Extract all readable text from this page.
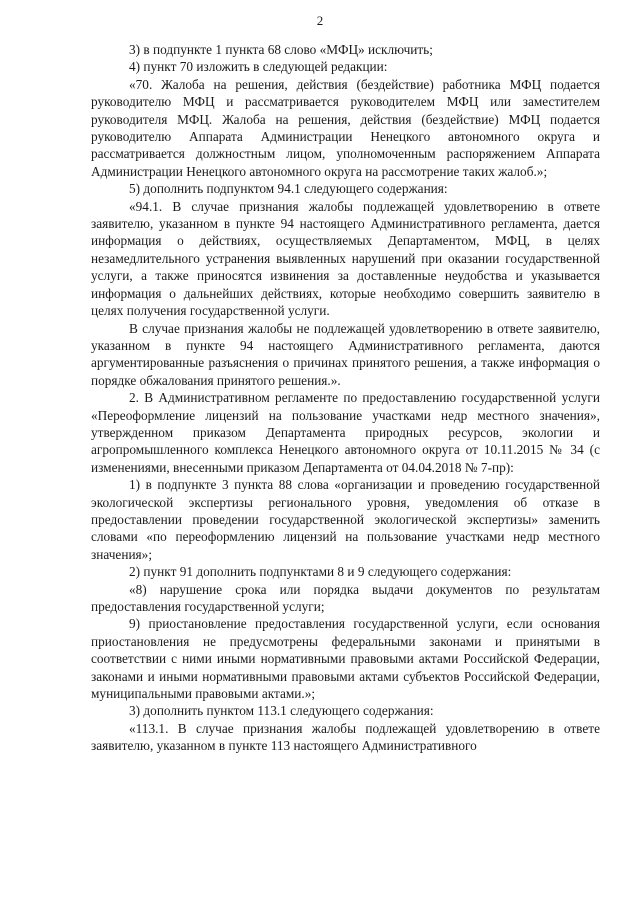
2

3) в подпункте 1 пункта 68 слово «МФЦ» исключить;

4) пункт 70 изложить в следующей редакции:

«70. Жалоба на решения, действия (бездействие) работника МФЦ подается руководителю МФЦ и рассматривается руководителем МФЦ или заместителем руководителя МФЦ. Жалоба на решения, действия (бездействие) МФЦ подается руководителю Аппарата Администрации Ненецкого автономного округа и рассматривается должностным лицом, уполномоченным распоряжением Аппарата Администрации Ненецкого автономного округа на рассмотрение таких жалоб.»;

5) дополнить подпунктом 94.1 следующего содержания:

«94.1. В случае признания жалобы подлежащей удовлетворению в ответе заявителю, указанном в пункте 94 настоящего Административного регламента, дается информация о действиях, осуществляемых Департаментом, МФЦ, в целях незамедлительного устранения выявленных нарушений при оказании государственной услуги, а также приносятся извинения за доставленные неудобства и указывается информация о дальнейших действиях, которые необходимо совершить заявителю в целях получения государственной услуги.

В случае признания жалобы не подлежащей удовлетворению в ответе заявителю, указанном в пункте 94 настоящего Административного регламента, даются аргументированные разъяснения о причинах принятого решения, а также информация о порядке обжалования принятого решения.».

2. В Административном регламенте по предоставлению государственной услуги «Переоформление лицензий на пользование участками недр местного значения», утвержденном приказом Департамента природных ресурсов, экологии и агропромышленного комплекса Ненецкого автономного округа от 10.11.2015 № 34 (с изменениями, внесенными приказом Департамента от 04.04.2018 № 7-пр):

1) в подпункте 3 пункта 88 слова «организации и проведению государственной экологической экспертизы регионального уровня, уведомления об отказе в предоставлении проведении государственной экологической экспертизы» заменить словами «по переоформлению лицензий на пользование участками недр местного значения»;

2) пункт 91 дополнить подпунктами 8 и 9 следующего содержания:

«8) нарушение срока или порядка выдачи документов по результатам предоставления государственной услуги;

9) приостановление предоставления государственной услуги, если основания приостановления не предусмотрены федеральными законами и принятыми в соответствии с ними иными нормативными правовыми актами Российской Федерации, законами и иными нормативными правовыми актами субъектов Российской Федерации, муниципальными правовыми актами.»;

3) дополнить пунктом 113.1 следующего содержания:

«113.1. В случае признания жалобы подлежащей удовлетворению в ответе заявителю, указанном в пункте 113 настоящего Административного
